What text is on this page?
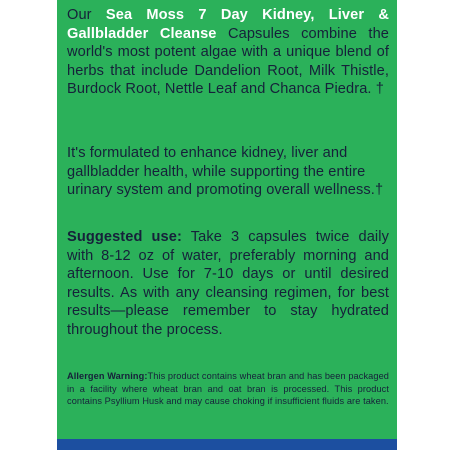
Our Sea Moss 7 Day Kidney, Liver & Gallbladder Cleanse Capsules combine the world's most potent algae with a unique blend of herbs that include Dandelion Root, Milk Thistle, Burdock Root, Nettle Leaf and Chanca Piedra. †

It's formulated to enhance kidney, liver and gallbladder health, while supporting the entire urinary system and promoting overall wellness.†

Suggested use: Take 3 capsules twice daily with 8-12 oz of water, preferably morning and afternoon. Use for 7-10 days or until desired results. As with any cleansing regimen, for best results—please remember to stay hydrated throughout the process.

Allergen Warning:This product contains wheat bran and has been packaged in a facility where wheat bran and oat bran is processed. This product contains Psyllium Husk and may cause choking if insufficient fluids are taken.
